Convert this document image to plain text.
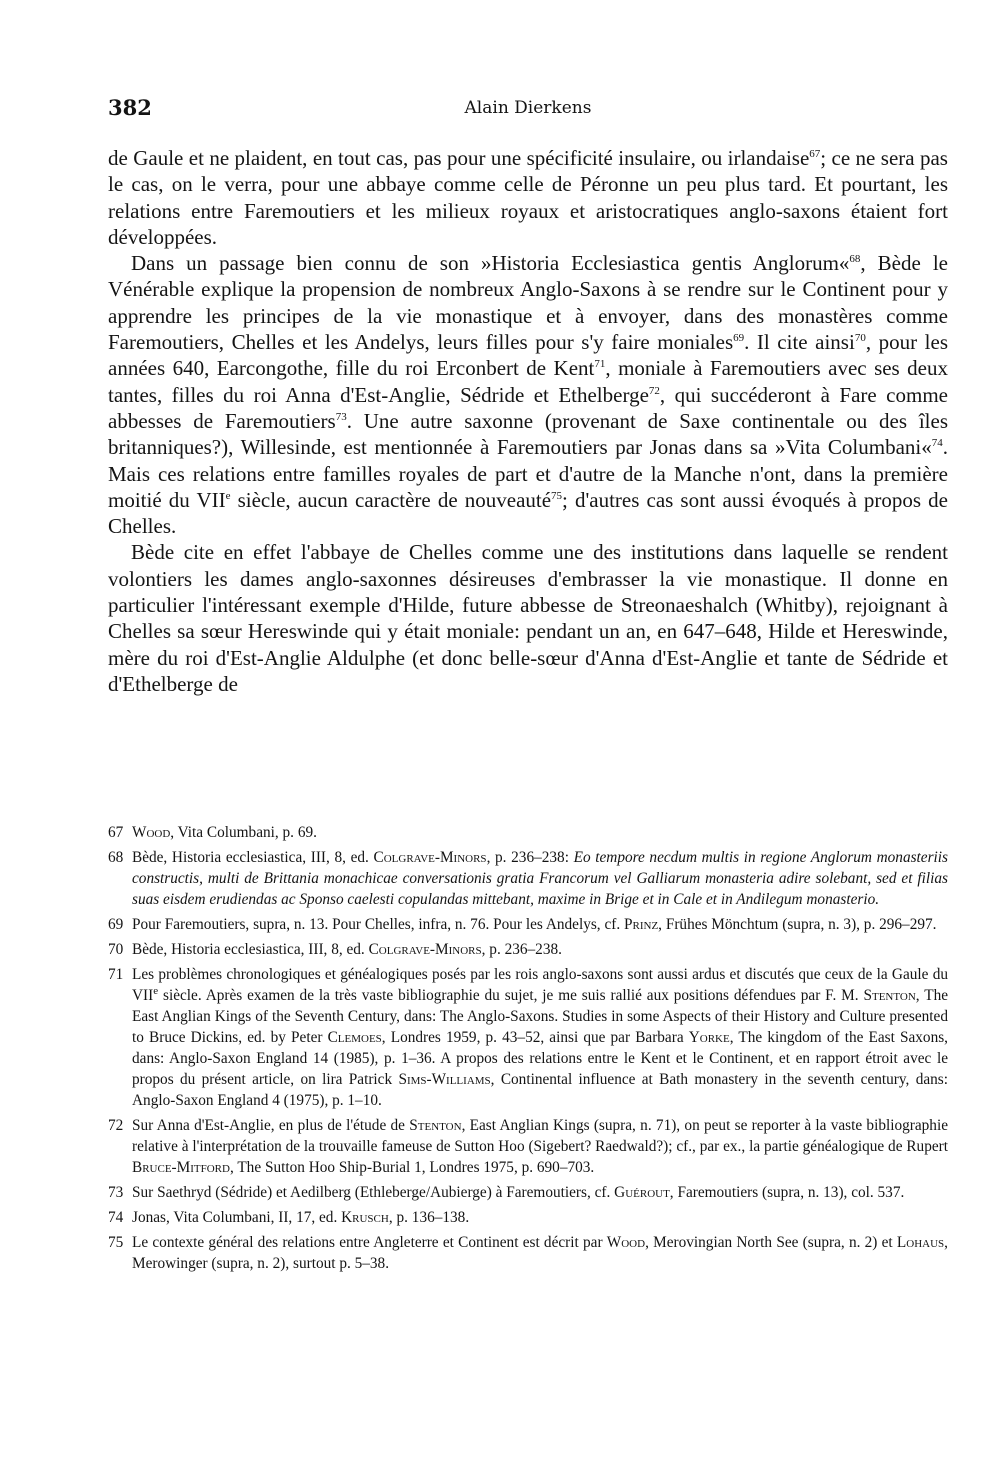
382	Alain Dierkens

de Gaule et ne plaident, en tout cas, pas pour une spécificité insulaire, ou irlandaise$^{67}$; ce ne sera pas le cas, on le verra, pour une abbaye comme celle de Péronne un peu plus tard. Et pourtant, les relations entre Faremoutiers et les milieux royaux et aristocratiques anglo-saxons étaient fort développées.

Dans un passage bien connu de son »Historia Ecclesiastica gentis Anglorum«$^{68}$, Bède le Vénérable explique la propension de nombreux Anglo-Saxons à se rendre sur le Continent pour y apprendre les principes de la vie monastique et à envoyer, dans des monastères comme Faremoutiers, Chelles et les Andelys, leurs filles pour s'y faire moniales$^{69}$. Il cite ainsi$^{70}$, pour les années 640, Earcongothe, fille du roi Erconbert de Kent$^{71}$, moniale à Faremoutiers avec ses deux tantes, filles du roi Anna d'Est-Anglie, Sédride et Ethelberge$^{72}$, qui succéderont à Fare comme abbesses de Faremoutiers$^{73}$. Une autre saxonne (provenant de Saxe continentale ou des îles britanniques?), Willesinde, est mentionnée à Faremoutiers par Jonas dans sa »Vita Columbani«$^{74}$. Mais ces relations entre familles royales de part et d'autre de la Manche n'ont, dans la première moitié du VIIe siècle, aucun caractère de nouveauté$^{75}$; d'autres cas sont aussi évoqués à propos de Chelles.

Bède cite en effet l'abbaye de Chelles comme une des institutions dans laquelle se rendent volontiers les dames anglo-saxonnes désireuses d'embrasser la vie monastique. Il donne en particulier l'intéressant exemple d'Hilde, future abbesse de Streonaeshalch (Whitby), rejoignant à Chelles sa sœur Hereswinde qui y était moniale: pendant un an, en 647–648, Hilde et Hereswinde, mère du roi d'Est-Anglie Aldulphe (et donc belle-sœur d'Anna d'Est-Anglie et tante de Sédride et d'Ethelberge de

67 Wood, Vita Columbani, p. 69.
68 Bède, Historia ecclesiastica, III, 8, ed. Colgrave-Minors, p. 236–238: Eo tempore necdum multis in regione Anglorum monasteriis constructis, multi de Brittania monachicae conversationis gratia Francorum vel Galliarum monasteria adire solebant, sed et filias suas eisdem erudiendas ac Sponso caelesti copulandas mittebant, maxime in Brige et in Cale et in Andilegum monasterio.
69 Pour Faremoutiers, supra, n. 13. Pour Chelles, infra, n. 76. Pour les Andelys, cf. Prinz, Frühes Mönchtum (supra, n. 3), p. 296–297.
70 Bède, Historia ecclesiastica, III, 8, ed. Colgrave-Minors, p. 236–238.
71 Les problèmes chronologiques et généalogiques posés par les rois anglo-saxons sont aussi ardus et discutés que ceux de la Gaule du VIIe siècle. Après examen de la très vaste bibliographie du sujet, je me suis rallié aux positions défendues par F. M. Stenton, The East Anglian Kings of the Seventh Century, dans: The Anglo-Saxons. Studies in some Aspects of their History and Culture presented to Bruce Dickins, ed. by Peter Clemoes, Londres 1959, p. 43–52, ainsi que par Barbara Yorke, The kingdom of the East Saxons, dans: Anglo-Saxon England 14 (1985), p. 1–36. A propos des relations entre le Kent et le Continent, et en rapport étroit avec le propos du présent article, on lira Patrick Sims-Williams, Continental influence at Bath monastery in the seventh century, dans: Anglo-Saxon England 4 (1975), p. 1–10.
72 Sur Anna d'Est-Anglie, en plus de l'étude de Stenton, East Anglian Kings (supra, n. 71), on peut se reporter à la vaste bibliographie relative à l'interprétation de la trouvaille fameuse de Sutton Hoo (Sigebert? Raedwald?); cf., par ex., la partie généalogique de Rupert Bruce-Mitford, The Sutton Hoo Ship-Burial 1, Londres 1975, p. 690–703.
73 Sur Saethryd (Sédride) et Aedilberg (Ethleberge/Aubierge) à Faremoutiers, cf. Guérout, Faremoutiers (supra, n. 13), col. 537.
74 Jonas, Vita Columbani, II, 17, ed. Krusch, p. 136–138.
75 Le contexte général des relations entre Angleterre et Continent est décrit par Wood, Merovingian North See (supra, n. 2) et Lohaus, Merowinger (supra, n. 2), surtout p. 5–38.
